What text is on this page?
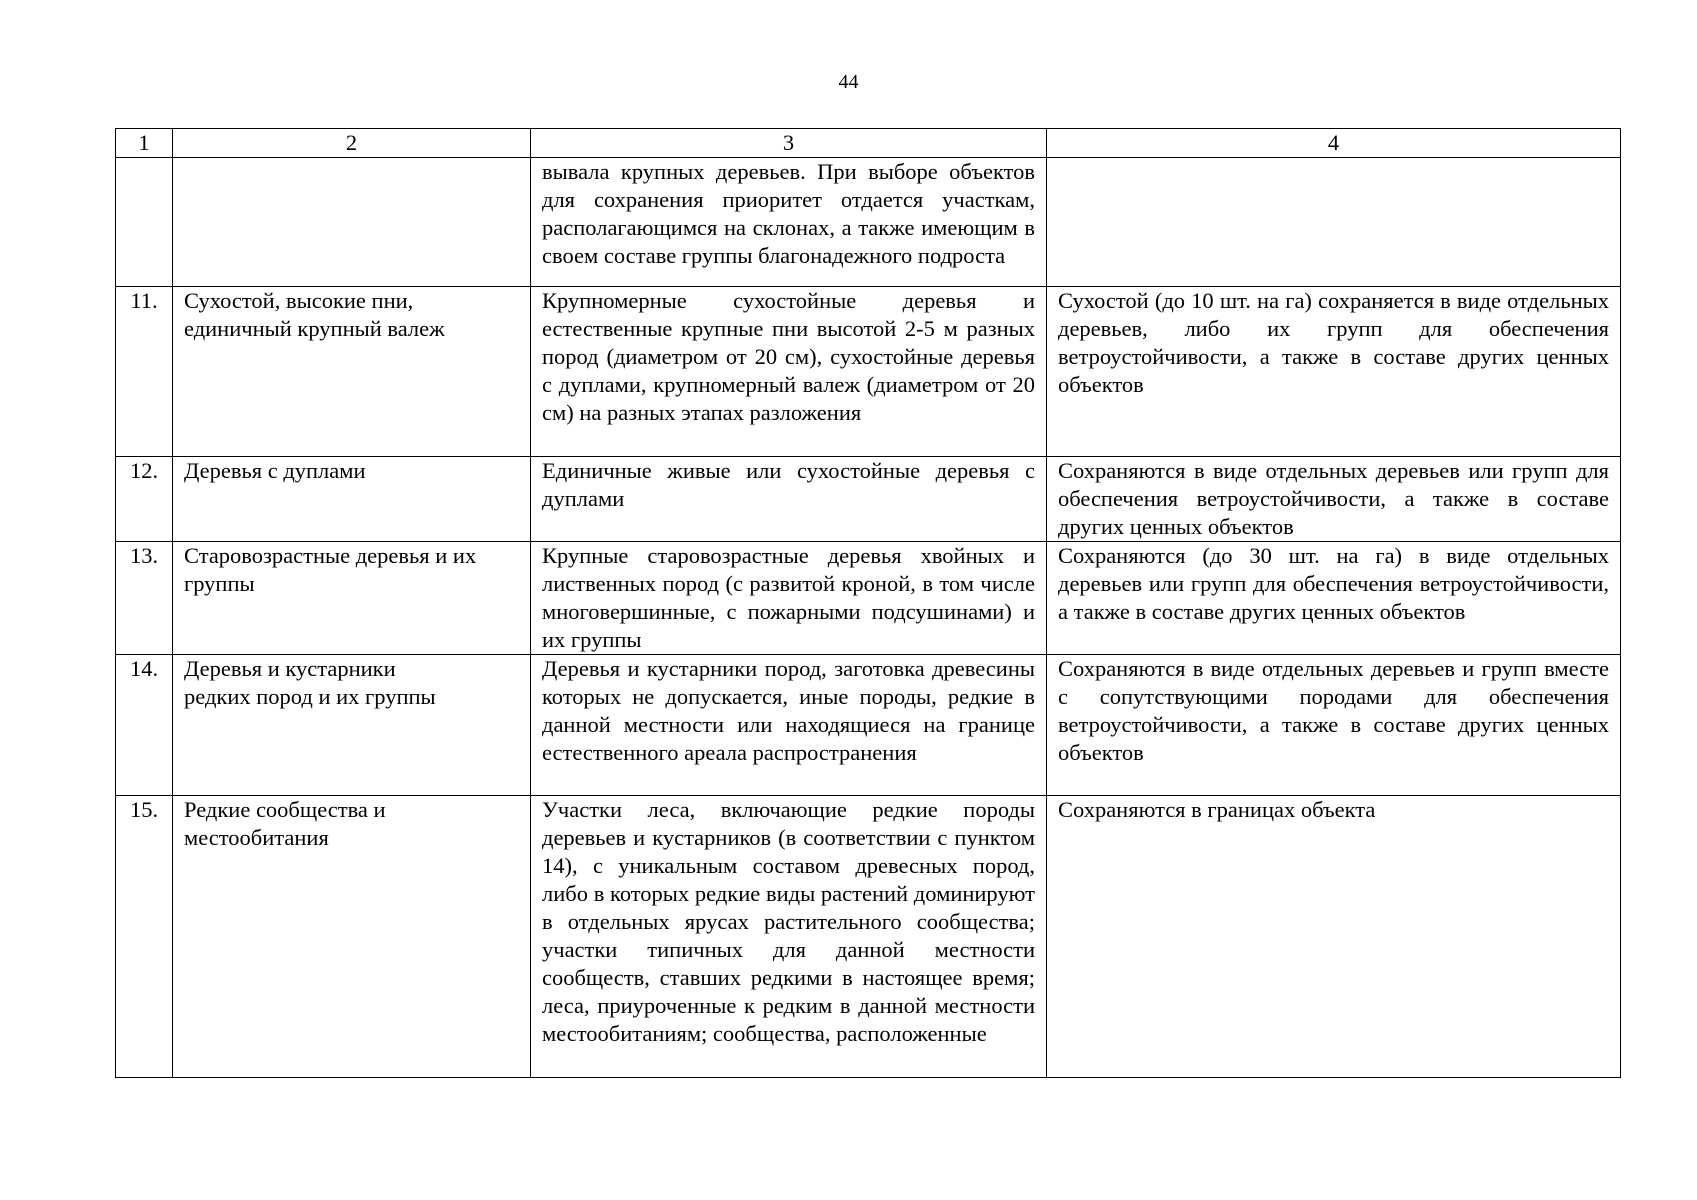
44
1	2	3	4
		вывала крупных деревьев. При выборе объектов для сохранения приоритет отдается участкам, располагающимся на склонах, а также имеющим в своем составе группы благонадежного подроста	
11.	Сухостой, высокие пни,
единичный крупный валеж	Крупномерные сухостойные деревья и естественные крупные пни высотой 2-5 м разных пород (диаметром от 20 см), сухостойные деревья с дуплами, крупномерный валеж (диаметром от 20 см) на разных этапах разложения	Сухостой (до 10 шт. на га) сохраняется в виде отдельных деревьев, либо их групп для обеспечения ветроустойчивости, а также в составе других ценных объектов
12.	Деревья с дуплами	Единичные живые или сухостойные деревья с дуплами	Сохраняются в виде отдельных деревьев или групп для обеспечения ветроустойчивости, а также в составе других ценных объектов
13.	Старовозрастные деревья и их
группы	Крупные старовозрастные деревья хвойных и лиственных пород (с развитой кроной, в том числе многовершинные, с пожарными подсушинами) и их группы	Сохраняются (до 30 шт. на га) в виде отдельных деревьев или групп для обеспечения ветроустойчивости, а также в составе других ценных объектов
14.	Деревья и кустарники
редких пород и их группы	Деревья и кустарники пород, заготовка древесины которых не допускается, иные породы, редкие в данной местности или находящиеся на границе естественного ареала распространения	Сохраняются в виде отдельных деревьев и групп вместе с сопутствующими породами для обеспечения ветроустойчивости, а также в составе других ценных объектов
15.	Редкие сообщества и
местообитания	Участки леса, включающие редкие породы деревьев и кустарников (в соответствии с пунктом 14), с уникальным составом древесных пород, либо в которых редкие виды растений доминируют в отдельных ярусах растительного сообщества; участки типичных для данной местности сообществ, ставших редкими в настоящее время; леса, приуроченные к редким в данной местности местообитаниям; сообщества, расположенные	Сохраняются в границах объекта
